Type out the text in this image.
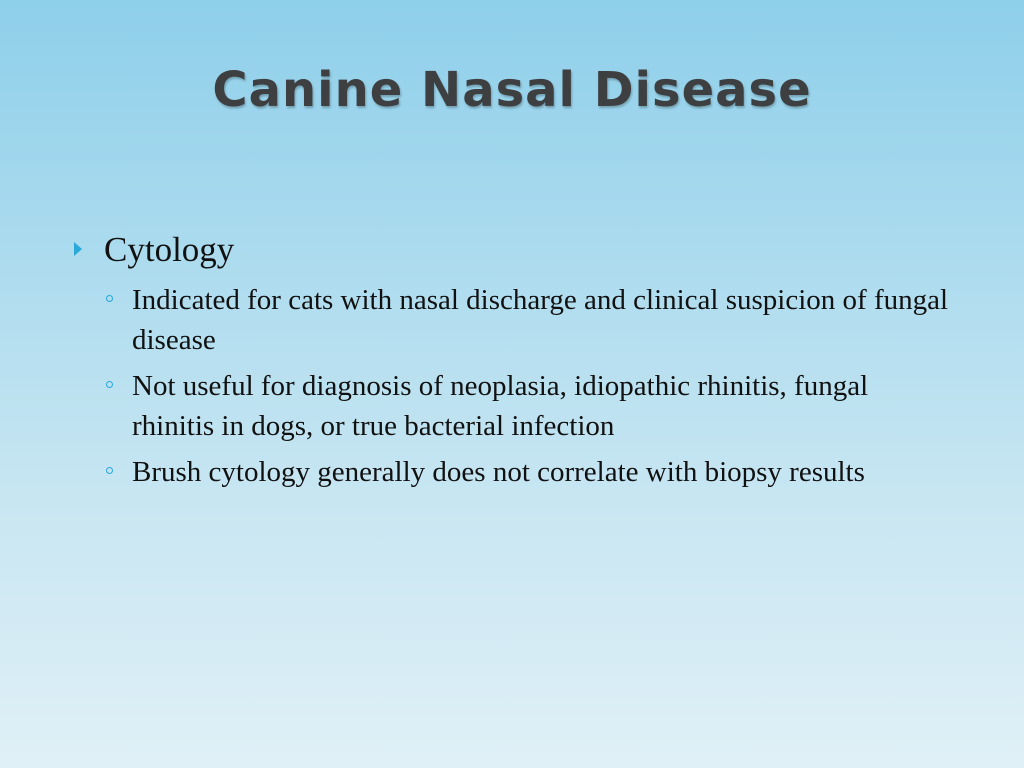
Canine Nasal Disease
Cytology
Indicated for cats with nasal discharge and clinical suspicion of fungal disease
Not useful for diagnosis of neoplasia, idiopathic rhinitis, fungal rhinitis in dogs, or true bacterial infection
Brush cytology generally does not correlate with biopsy results
